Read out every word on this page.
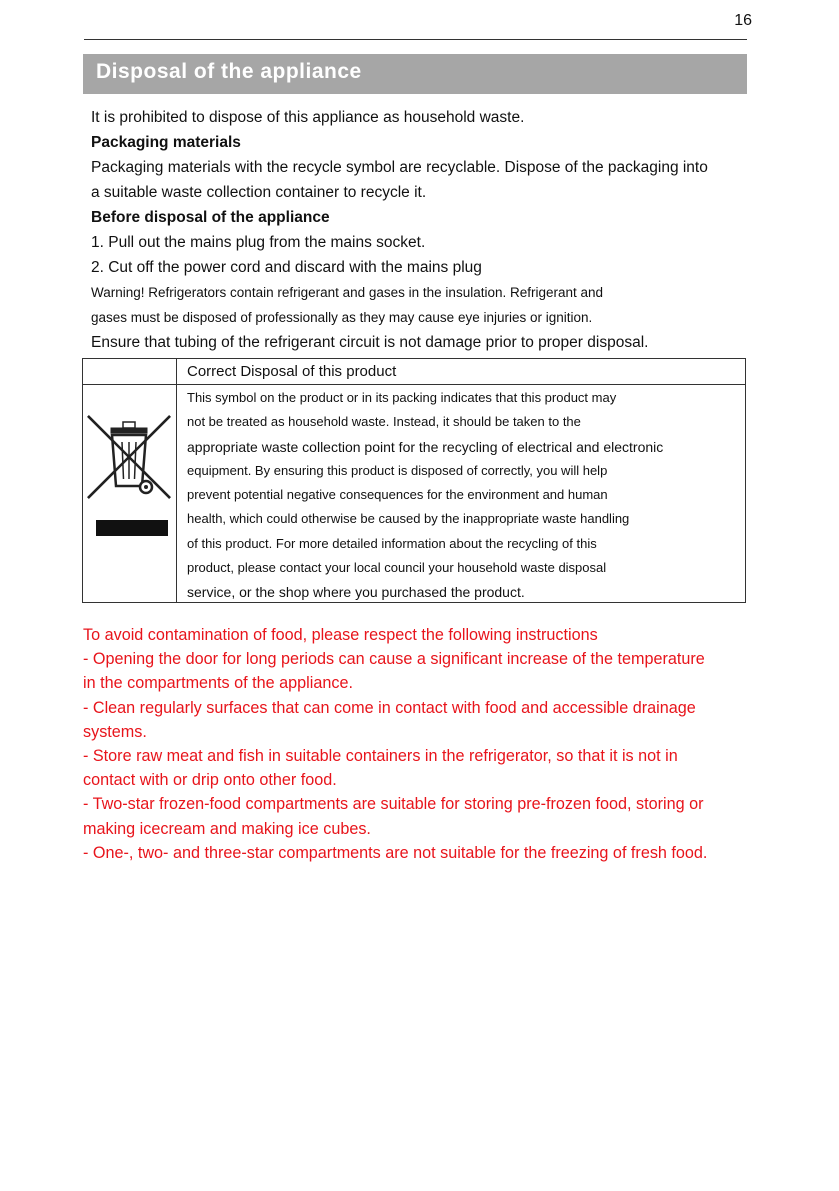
16
Disposal of the appliance
It is prohibited to dispose of this appliance as household waste.
Packaging materials
Packaging materials with the recycle symbol are recyclable. Dispose of the packaging into
a suitable waste collection container to recycle it.
Before disposal of the appliance
1. Pull out the mains plug from the mains socket.
2. Cut off the power cord and discard with the mains plug
Warning! Refrigerators contain refrigerant and gases in the insulation. Refrigerant and
gases must be disposed of professionally as they may cause eye injuries or ignition.
Ensure that tubing of the refrigerant circuit is not damage prior to proper disposal.
Correct Disposal of this product
This symbol on the product or in its packing indicates that this product may
not be treated as household waste. Instead, it should be taken to the
appropriate waste collection point for the recycling of electrical and electronic
equipment. By ensuring this product is disposed of correctly, you will help
prevent potential negative consequences for the environment and human
health, which could otherwise be caused by the inappropriate waste handling
of this product. For more detailed information about the recycling of this
product, please contact your local council your household waste disposal
service, or the shop where you purchased the product.
To avoid contamination of food, please respect the following instructions
- Opening the door for long periods can cause a significant increase of the temperature
in the compartments of the appliance.
- Clean regularly surfaces that can come in contact with food and accessible drainage
systems.
- Store raw meat and fish in suitable containers in the refrigerator, so that it is not in
contact with or drip onto other food.
- Two-star frozen-food compartments are suitable for storing pre-frozen food, storing or
making icecream and making ice cubes.
- One-, two- and three-star compartments are not suitable for the freezing of fresh food.
